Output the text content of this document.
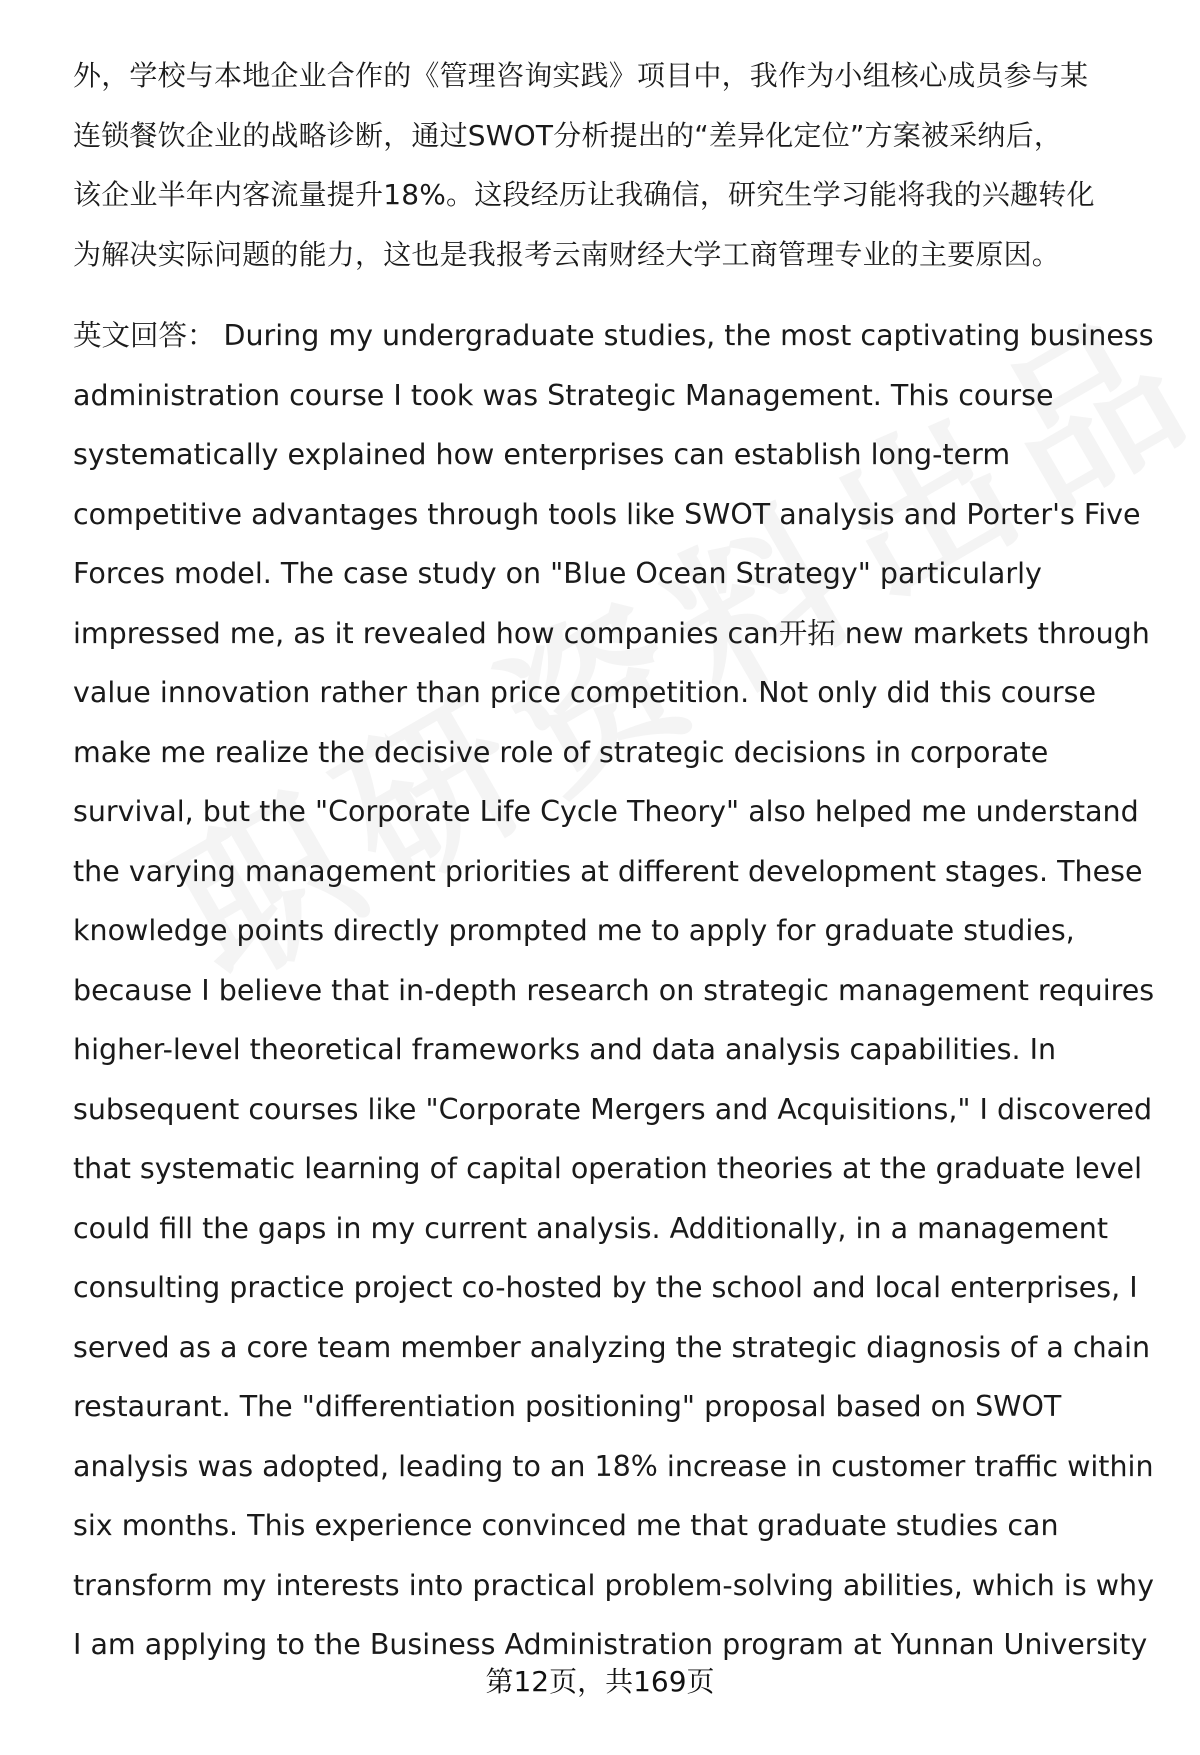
外，学校与本地企业合作的《管理咨询实践》项目中，我作为小组核心成员参与某
连锁餐饮企业的战略诊断，通过SWOT分析提出的“差异化定位”方案被采纳后，
该企业半年内客流量提升18%。这段经历让我确信，研究生学习能将我的兴趣转化
为解决实际问题的能力，这也是我报考云南财经大学工商管理专业的主要原因。

英文回答： During my undergraduate studies, the most captivating business
administration course I took was Strategic Management. This course
systematically explained how enterprises can establish long-term
competitive advantages through tools like SWOT analysis and Porter's Five
Forces model. The case study on "Blue Ocean Strategy" particularly
impressed me, as it revealed how companies can开拓 new markets through
value innovation rather than price competition. Not only did this course
make me realize the decisive role of strategic decisions in corporate
survival, but the "Corporate Life Cycle Theory" also helped me understand
the varying management priorities at different development stages. These
knowledge points directly prompted me to apply for graduate studies,
because I believe that in-depth research on strategic management requires
higher-level theoretical frameworks and data analysis capabilities. In
subsequent courses like "Corporate Mergers and Acquisitions," I discovered
that systematic learning of capital operation theories at the graduate level
could fill the gaps in my current analysis. Additionally, in a management
consulting practice project co-hosted by the school and local enterprises, I
served as a core team member analyzing the strategic diagnosis of a chain
restaurant. The "differentiation positioning" proposal based on SWOT
analysis was adopted, leading to an 18% increase in customer traffic within
six months. This experience convinced me that graduate studies can
transform my interests into practical problem-solving abilities, which is why
I am applying to the Business Administration program at Yunnan University

第12页，共169页
